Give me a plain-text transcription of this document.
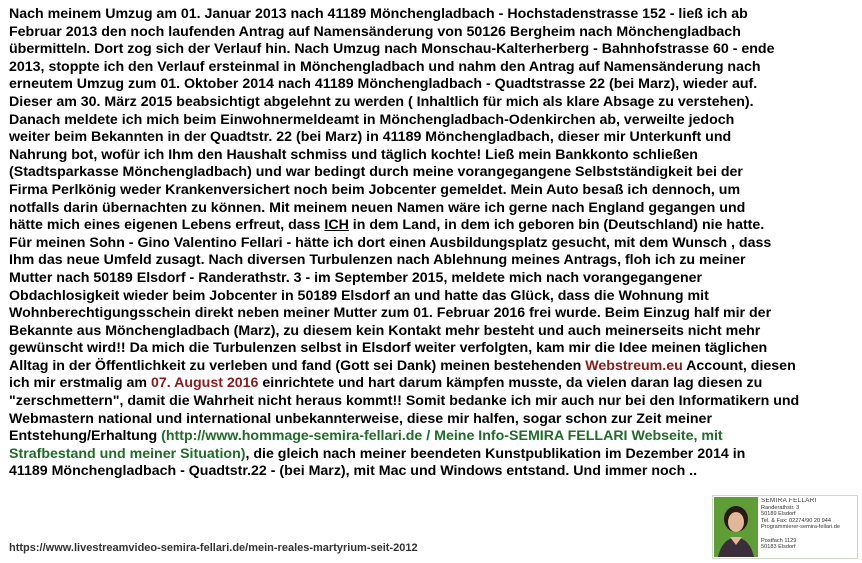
Nach meinem Umzug am 01. Januar 2013 nach 41189 Mönchengladbach - Hochstadenstrasse 152 - ließ ich ab

Februar 2013 den noch laufenden Antrag auf Namensänderung von 50126 Bergheim nach Mönchengladbach

übermitteln. Dort zog sich der Verlauf hin. Nach Umzug nach Monschau-Kalterherberg - Bahnhofstrasse 60 - ende

2013, stoppte ich den Verlauf ersteinmal in Mönchengladbach und nahm den Antrag auf Namensänderung nach

erneutem Umzug zum 01. Oktober 2014 nach 41189 Mönchengladbach - Quadtstrasse 22 (bei Marz), wieder auf.

Dieser am 30. März 2015 beabsichtigt abgelehnt zu werden ( Inhaltlich für mich als klare Absage zu verstehen).

Danach meldete ich mich beim Einwohnermeldeamt in Mönchengladbach-Odenkirchen ab, verweilte jedoch

weiter beim Bekannten in der Quadtstr. 22 (bei Marz) in 41189 Mönchengladbach, dieser mir Unterkunft und

Nahrung bot, wofür ich Ihm den Haushalt schmiss und täglich kochte! Ließ mein Bankkonto schließen

(Stadtsparkasse Mönchengladbach) und war bedingt durch meine vorangegangene Selbstständigkeit bei der

Firma Perlkönig weder Krankenversichert noch beim Jobcenter gemeldet. Mein Auto besaß ich dennoch, um

notfalls darin übernachten zu können. Mit meinem neuen Namen wäre ich gerne nach England gegangen und

hätte mich eines eigenen Lebens erfreut, dass ICH in dem Land, in dem ich geboren bin (Deutschland) nie hatte.

Für meinen Sohn - Gino Valentino Fellari - hätte ich dort einen Ausbildungsplatz gesucht, mit dem Wunsch , dass

Ihm das neue Umfeld zusagt. Nach diversen Turbulenzen nach Ablehnung meines Antrags, floh ich zu meiner

Mutter nach 50189 Elsdorf - Randerathstr. 3 - im September 2015, meldete mich nach vorangegangener

Obdachlosigkeit wieder beim Jobcenter in 50189 Elsdorf an und hatte das Glück, dass die Wohnung mit

Wohnberechtigungsschein direkt neben meiner Mutter zum 01. Februar 2016 frei wurde. Beim Einzug half mir der

Bekannte aus Mönchengladbach (Marz), zu diesem kein Kontakt mehr besteht und auch meinerseits nicht mehr

gewünscht wird!! Da mich die Turbulenzen selbst in Elsdorf weiter verfolgten, kam mir die Idee meinen täglichen

Alltag in der Öffentlichkeit zu verleben und fand (Gott sei Dank) meinen bestehenden Webstreum.eu Account, diesen

ich mir erstmalig am 07. August 2016 einrichtete und hart darum kämpfen musste, da vielen daran lag diesen zu

"zerschmettern", damit die Wahrheit nicht heraus kommt!! Somit bedanke ich mir auch nur bei den Informatikern und

Webmastern national und international unbekannterweise, diese mir halfen, sogar schon zur Zeit meiner

Entstehung/Erhaltung (http://www.hommage-semira-fellari.de / Meine Info-SEMIRA FELLARI Webseite, mit

Strafbestand und meiner Situation), die gleich nach meiner beendeten Kunstpublikation im Dezember 2014 in

41189 Mönchengladbach - Quadtstr.22 - (bei Marz), mit Mac und Windows entstand. Und immer noch ..

https://www.livestreamvideo-semira-fellari.de/mein-reales-martyrium-seit-2012
SEMIRA FELLARI
Randerathstr. 3
50189 Elsdorf
Tel. & Fax: 02274/90 20 944
Programmierer-semira-fellari.de

Postfach 1129
50183 Elsdorf
